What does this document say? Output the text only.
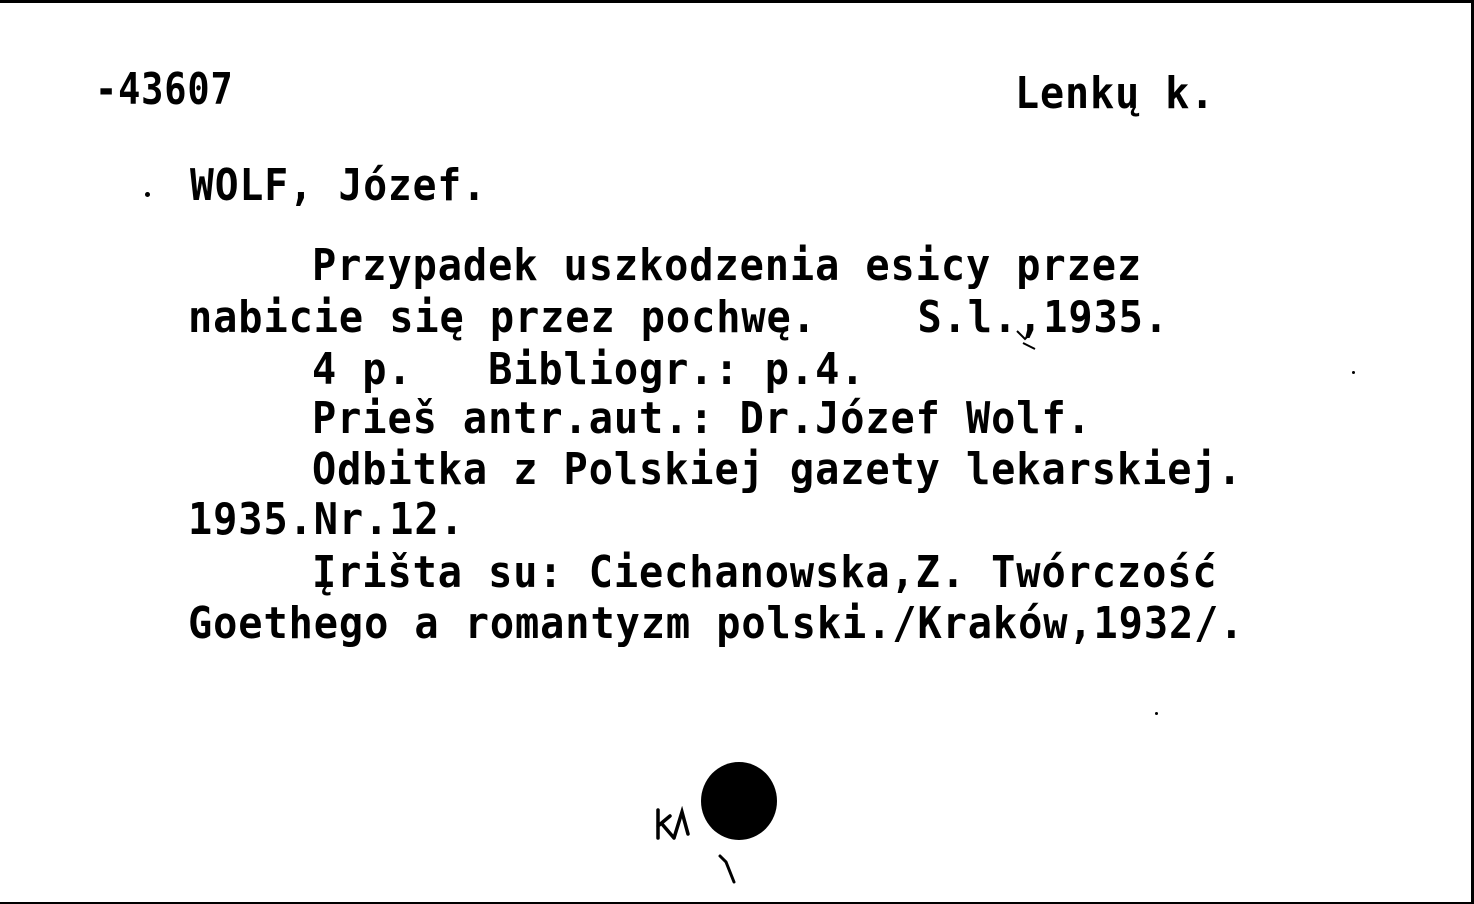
-43607	Lenkų k.
WOLF, Józef.
Przypadek uszkodzenia esicy przez
nabicie się przez pochwę.    S.l.,1935.
4 p.   Bibliogr.: p.4.
Prieš antr.aut.: Dr.Józef Wolf.
Odbitka z Polskiej gazety lekarskiej.
1935.Nr.12.
Įrišta su: Ciechanowska,Z. Twórczość
Goethego a romantyzm polski./Kraków,1932/.
